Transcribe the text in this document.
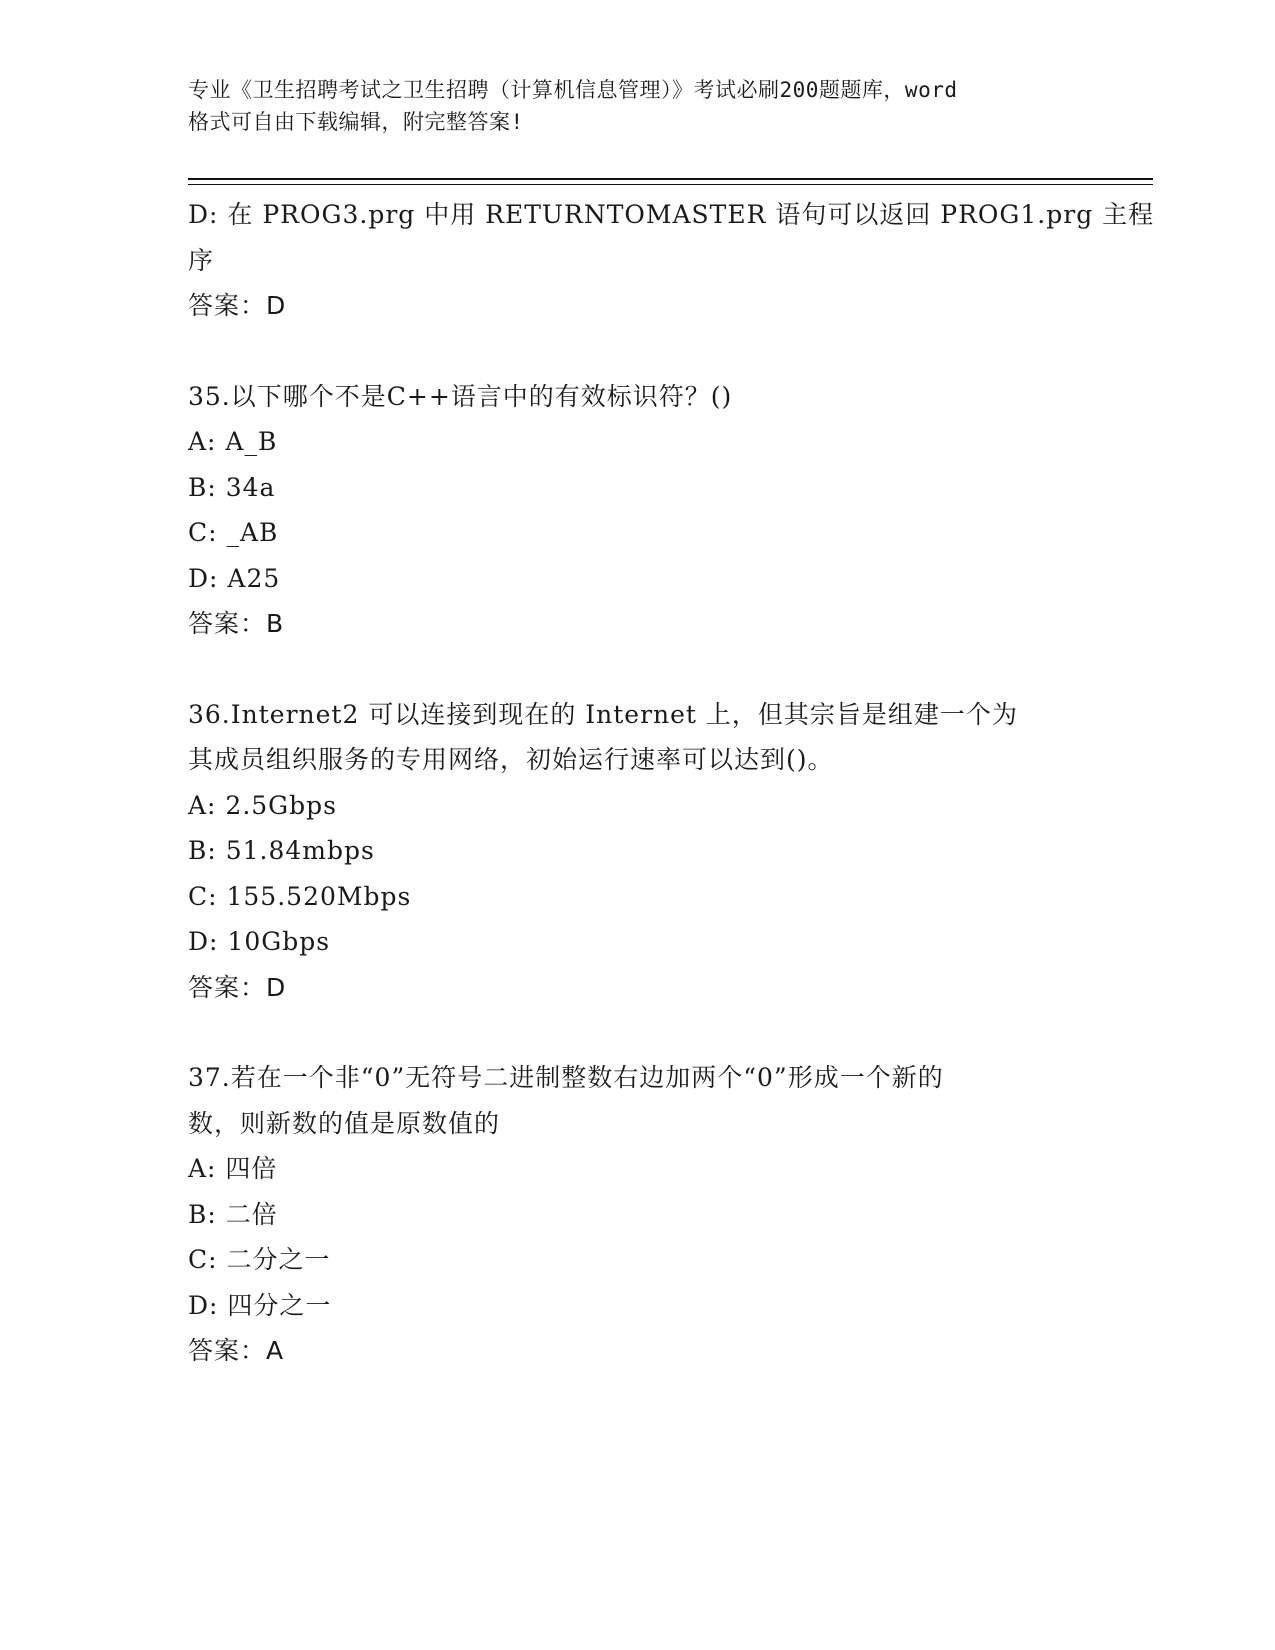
专业《卫生招聘考试之卫生招聘（计算机信息管理）》考试必刷200题题库，word
格式可自由下载编辑，附完整答案!
D: 在 PROG3.prg 中用 RETURNTOMASTER 语句可以返回 PROG1.prg 主程
序
答案：D
35.以下哪个不是C++语言中的有效标识符？()
A: A_B
B: 34a
C: _AB
D: A25
答案：B
36.Internet2 可以连接到现在的 Internet 上，但其宗旨是组建一个为
其成员组织服务的专用网络，初始运行速率可以达到()。
A: 2.5Gbps
B: 51.84mbps
C: 155.520Mbps
D: 10Gbps
答案：D
37.若在一个非“0”无符号二进制整数右边加两个“0”形成一个新的
数，则新数的值是原数值的
A: 四倍
B: 二倍
C: 二分之一
D: 四分之一
答案：A
